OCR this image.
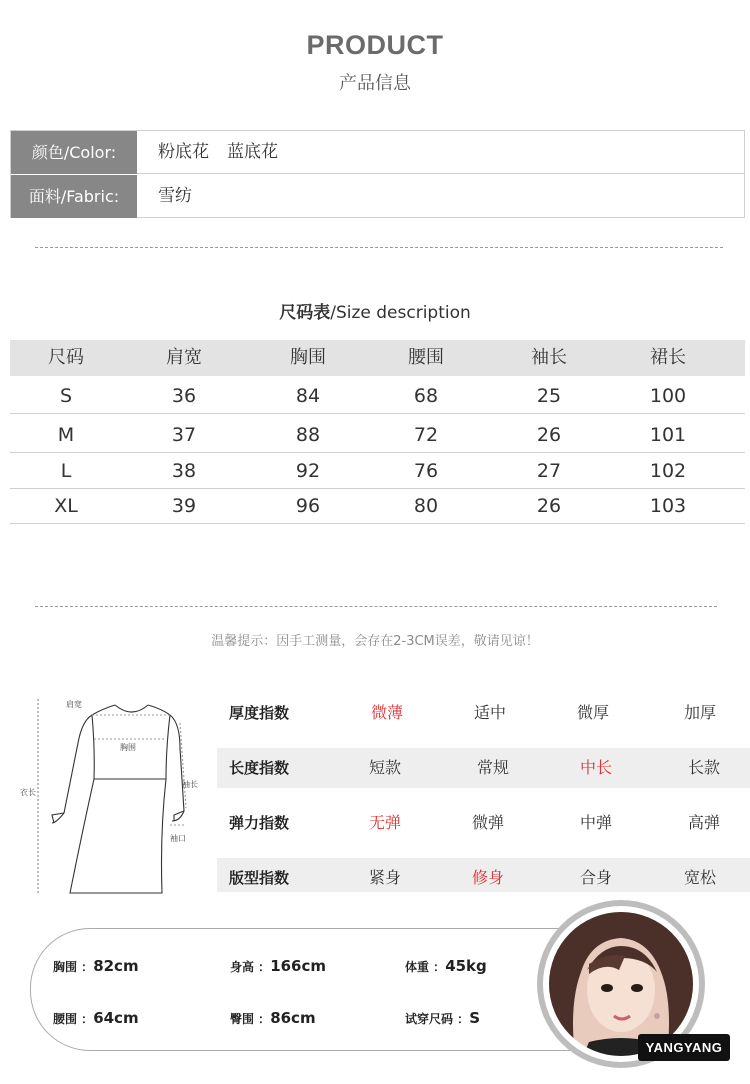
PRODUCT
产品信息
颜色/Color:	粉底花 蓝底花
面料/Fabric:	雪纺
尺码表/Size description
尺码	肩宽	胸围	腰围	袖长	裙长
S	36	84	68	25	100
M	37	88	72	26	101
L	38	92	76	27	102
XL	39	96	80	26	103
温馨提示：因手工测量，会存在2-3CM误差，敬请见谅！
肩宽
胸围
袖长
衣长
袖口
厚度指数	微薄	适中	微厚	加厚
长度指数	短款	常规	中长	长款
弹力指数	无弹	微弹	中弹	高弹
版型指数	紧身	修身	合身	宽松
胸围 ：82cm	身高 ：166cm	体重 ：45kg
腰围 ：64cm	臀围 ：86cm	试穿尺码 ：S
YANGYANG
